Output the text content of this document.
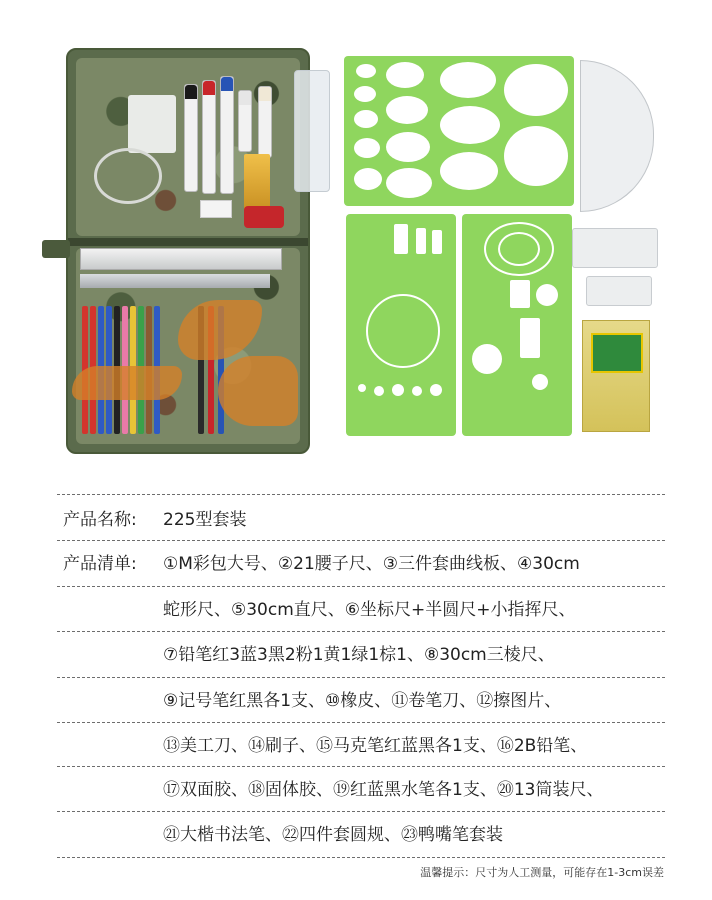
产品名称: 225型套装
产品清单: ①M彩包大号、②21腰子尺、③三件套曲线板、④30cm
蛇形尺、⑤30cm直尺、⑥坐标尺+半圆尺+小指挥尺、
⑦铅笔红3蓝3黑2粉1黄1绿1棕1、⑧30cm三棱尺、
⑨记号笔红黑各1支、⑩橡皮、⑪卷笔刀、⑫擦图片、
⑬美工刀、⑭刷子、⑮马克笔红蓝黑各1支、⑯2B铅笔、
⑰双面胶、⑱固体胶、⑲红蓝黑水笔各1支、⑳13筒装尺、
㉑大楷书法笔、㉒四件套圆规、㉓鸭嘴笔套装
温馨提示：尺寸为人工测量，可能存在1-3cm误差
